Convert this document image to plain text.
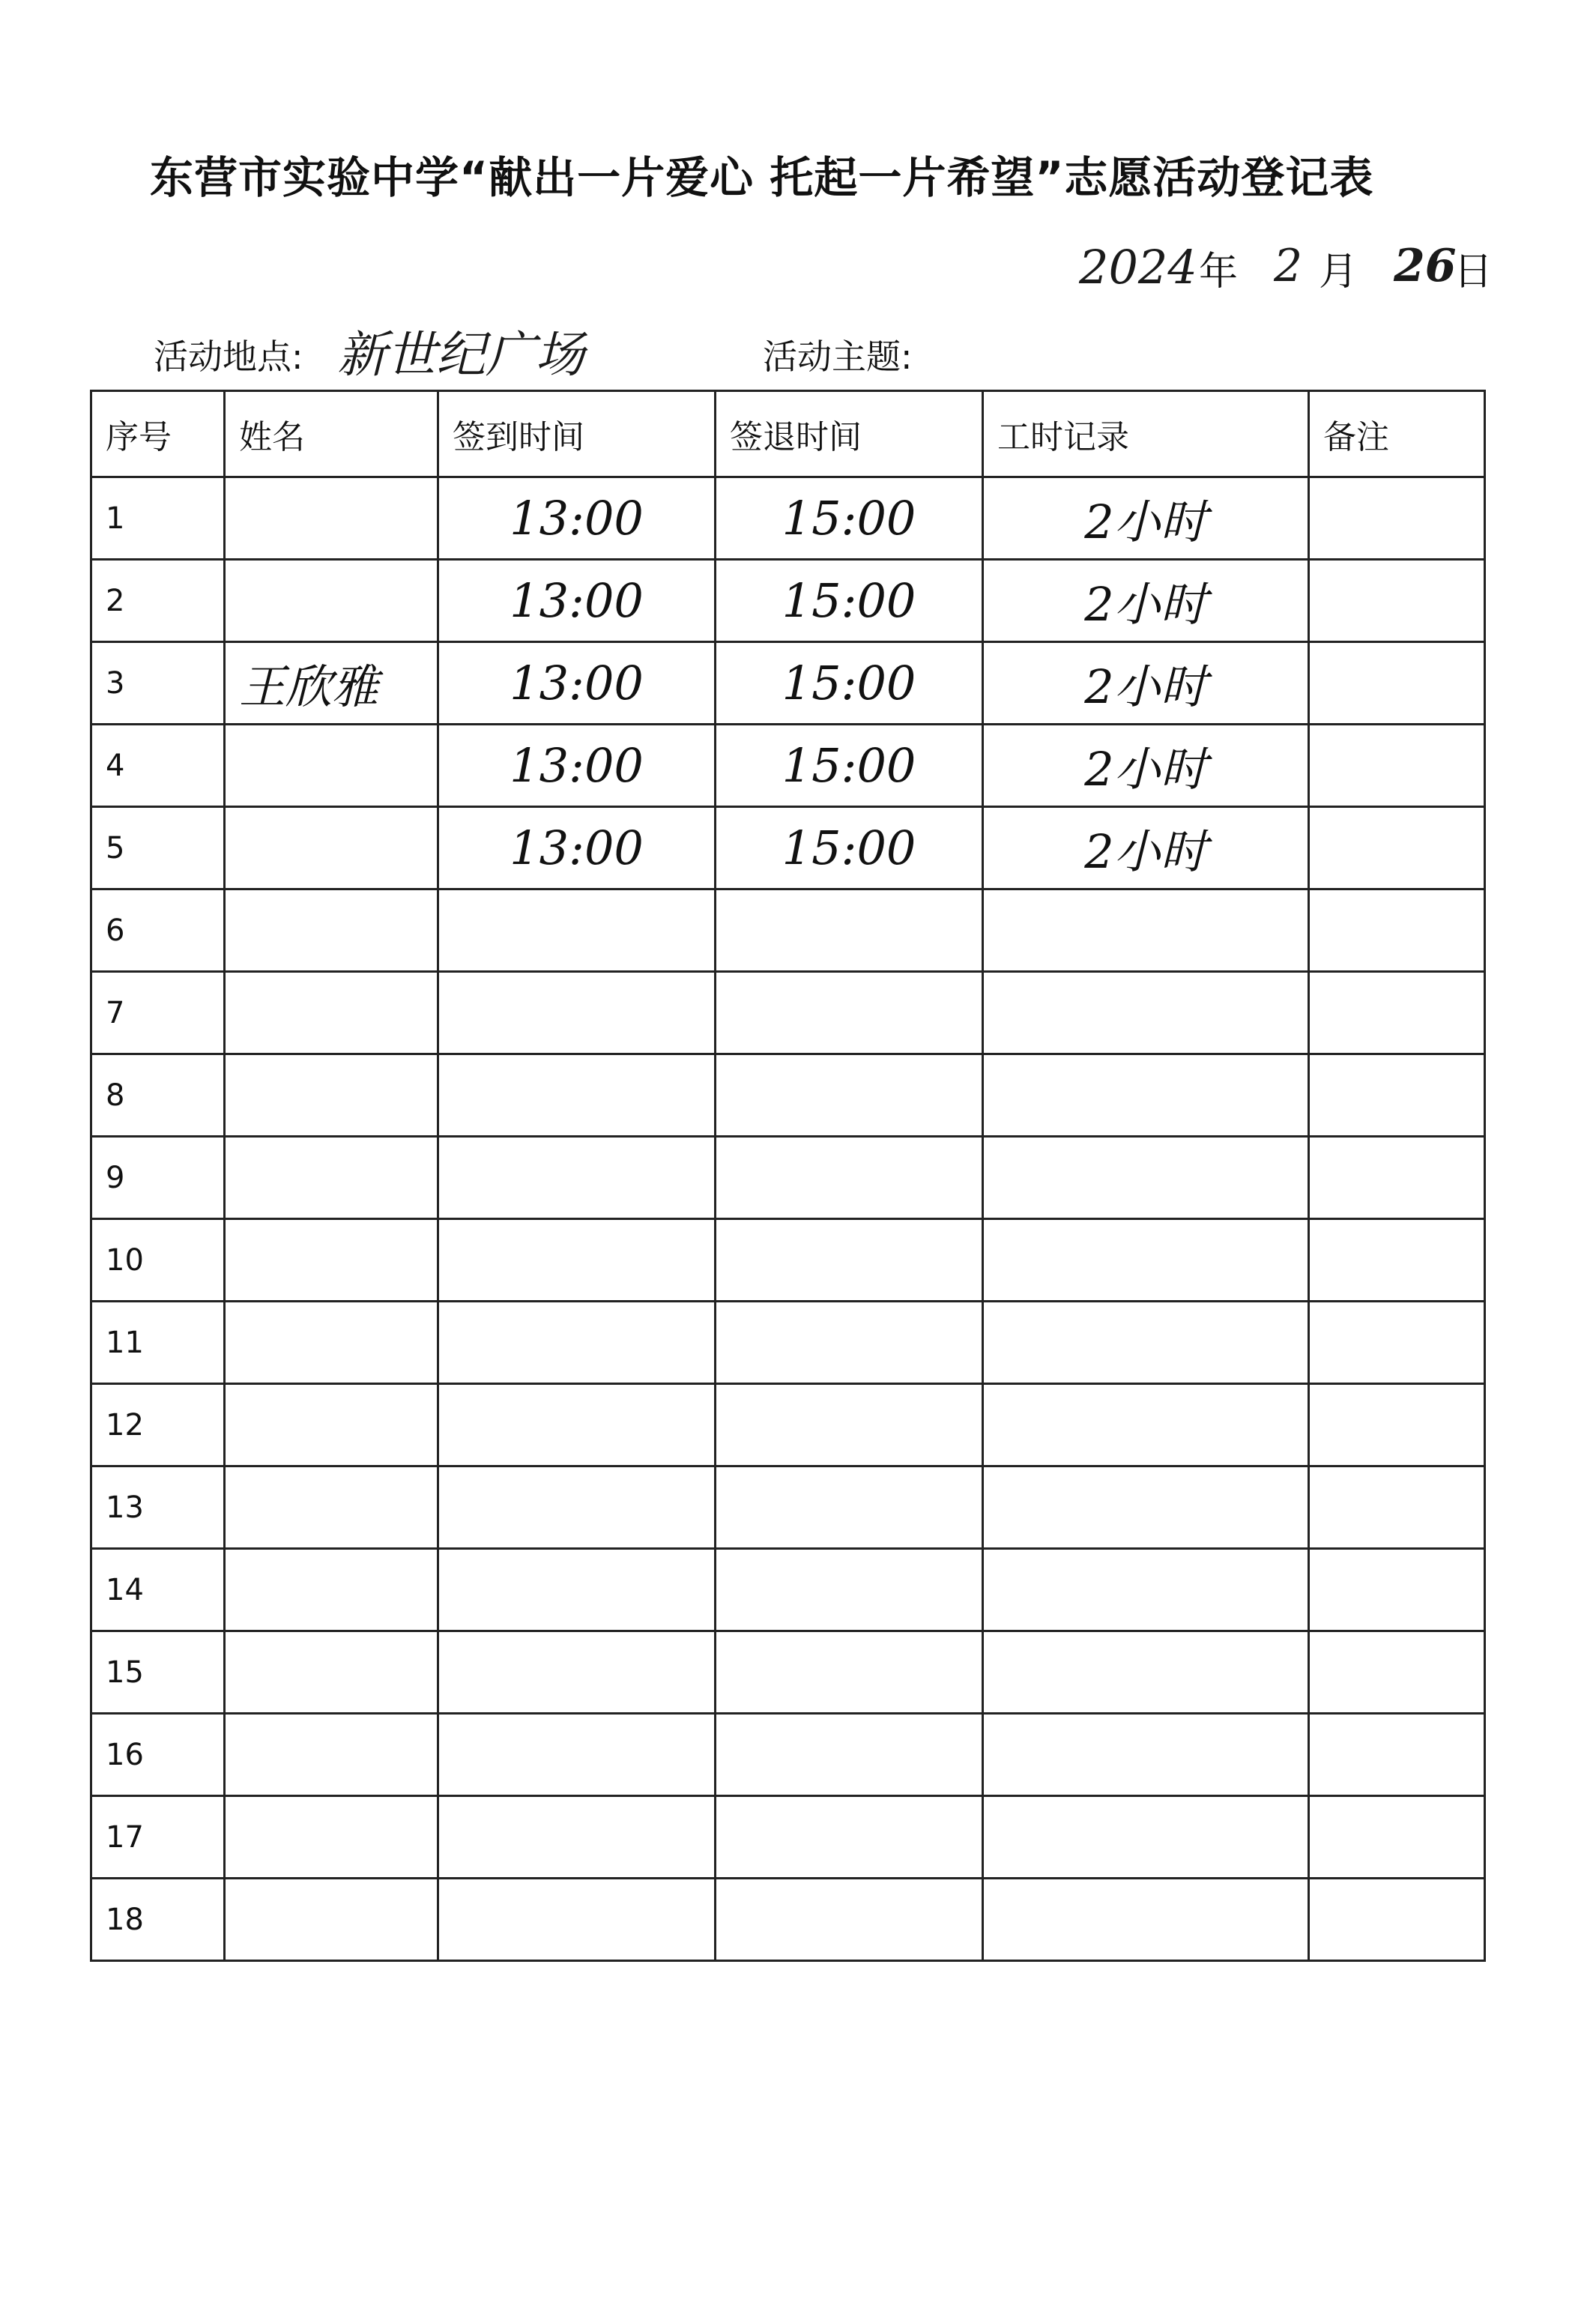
东营市实验中学“献出一片爱心 托起一片希望”志愿活动登记表
2024 年 2 月 26
日
活动地点: 新世纪广场	活动主题:
序号	姓名	签到时间	签退时间	工时记录	备注
1		13:00	15:00	2小时	
2		13:00	15:00	2小时	
3	王欣雅	13:00	15:00	2小时	
4		13:00	15:00	2小时	
5		13:00	15:00	2小时	
6					
7					
8					
9					
10					
11					
12					
13					
14					
15					
16					
17					
18					
